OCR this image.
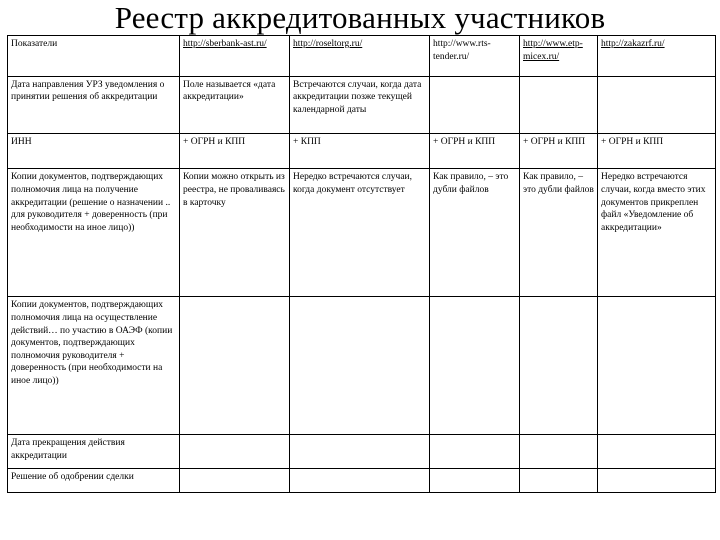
Реестр аккредитованных участников
Показатели	http://sberbank-ast.ru/	http://roseltorg.ru/	http://www.rts-tender.ru/	http://www.etp-micex.ru/	http://zakazrf.ru/
Дата направления УРЗ уведомления о принятии решения об аккредитации	Поле называется «дата аккредитации»	Встречаются случаи, когда дата аккредитации позже текущей календарной даты			
ИНН	+ ОГРН и КПП	+ КПП	+ ОГРН и КПП	+ ОГРН и КПП	+ ОГРН и КПП
Копии документов, подтверждающих полномочия лица на получение аккредитации (решение о назначении .. для руководителя + доверенность (при необходимости на иное лицо))	Копии можно открыть из реестра, не проваливаясь в карточку	Нередко встречаются случаи, когда документ отсутствует	Как правило, – это дубли файлов	Как правило, – это дубли файлов	Нередко встречаются случаи, когда вместо этих документов прикреплен файл «Уведомление об аккредитации»
Копии документов, подтверждающих полномочия лица на осуществление действий… по участию в ОАЭФ (копии документов, подтверждающих полномочия руководителя + доверенность (при необходимости на иное лицо))					
Дата прекращения действия аккредитации					
Решение об одобрении сделки					
